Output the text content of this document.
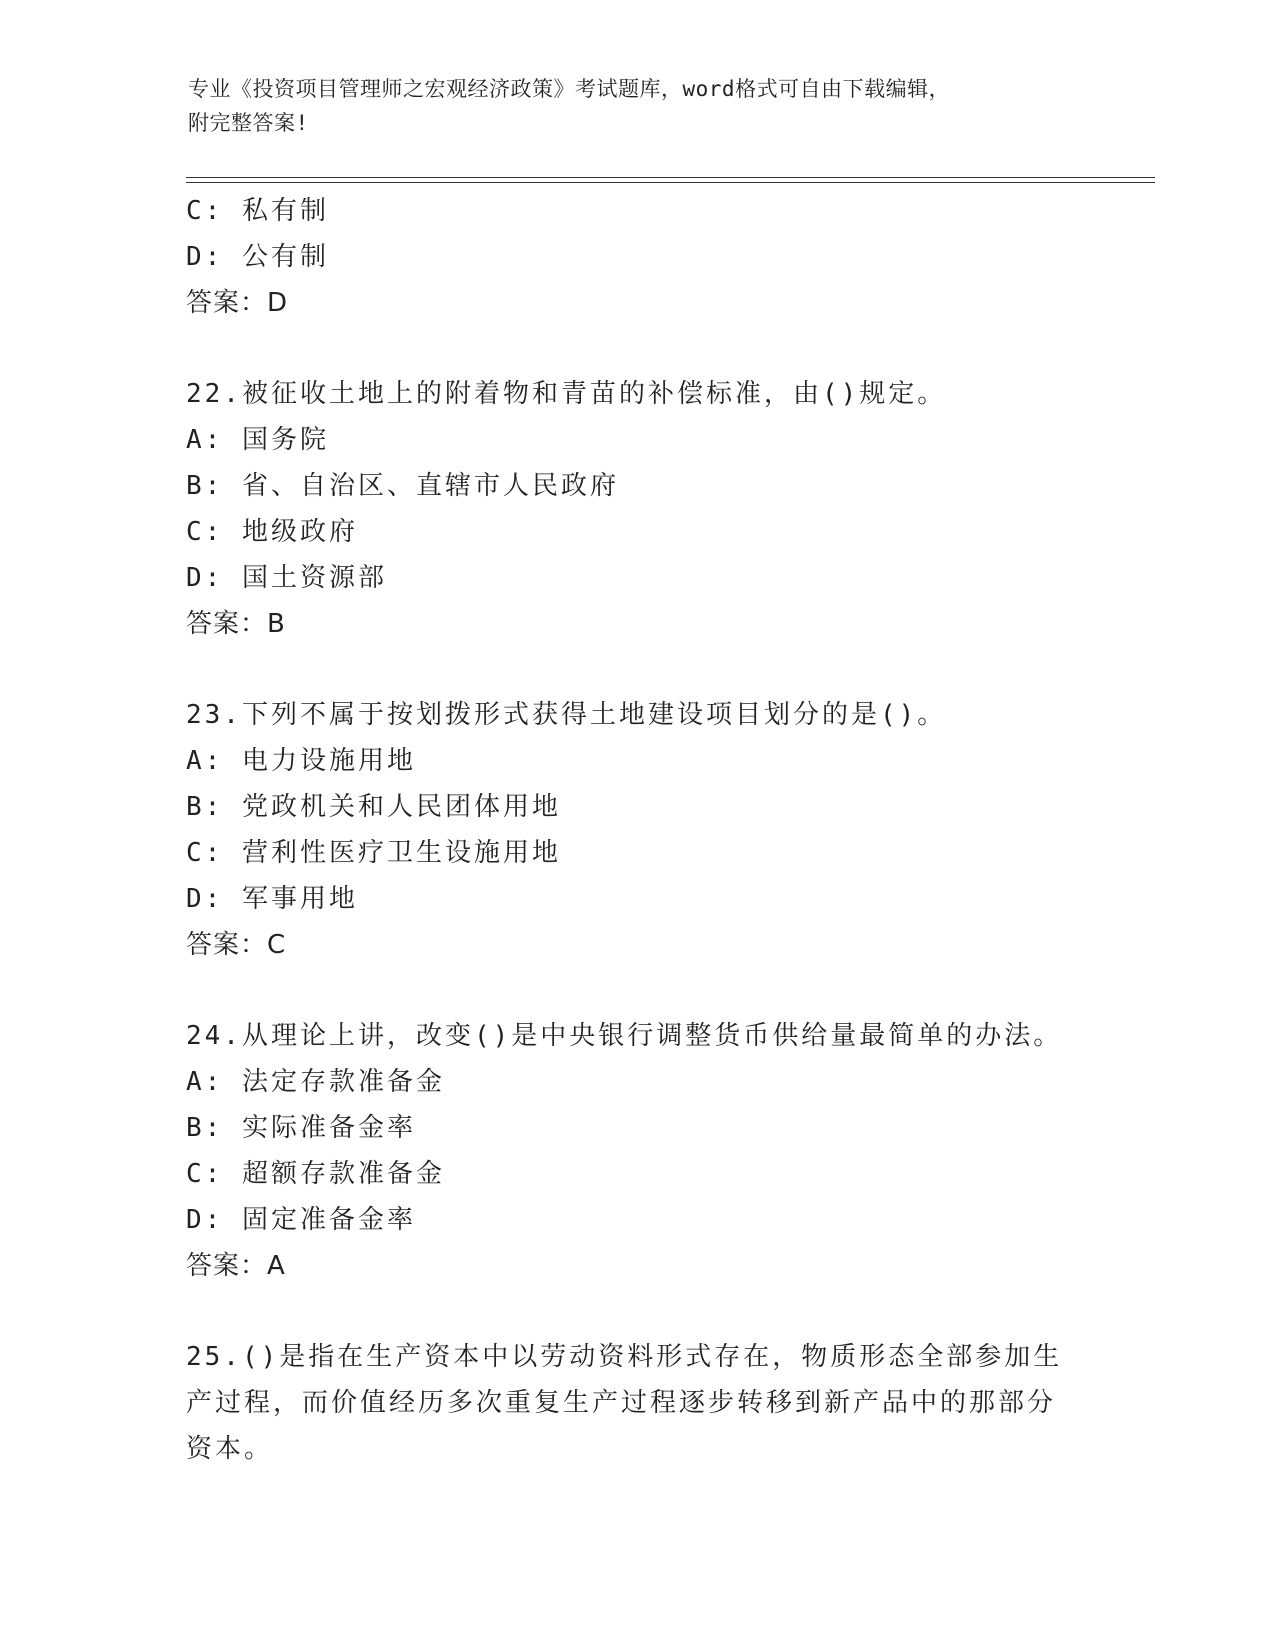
专业《投资项目管理师之宏观经济政策》考试题库，word格式可自由下载编辑，
附完整答案!
C: 私有制
D: 公有制
答案：D
22.被征收土地上的附着物和青苗的补偿标准，由()规定。
A: 国务院
B: 省、自治区、直辖市人民政府
C: 地级政府
D: 国土资源部
答案：B
23.下列不属于按划拨形式获得土地建设项目划分的是()。
A: 电力设施用地
B: 党政机关和人民团体用地
C: 营利性医疗卫生设施用地
D: 军事用地
答案：C
24.从理论上讲，改变()是中央银行调整货币供给量最简单的办法。
A: 法定存款准备金
B: 实际准备金率
C: 超额存款准备金
D: 固定准备金率
答案：A
25.()是指在生产资本中以劳动资料形式存在，物质形态全部参加生产过程，而价值经历多次重复生产过程逐步转移到新产品中的那部分资本。
